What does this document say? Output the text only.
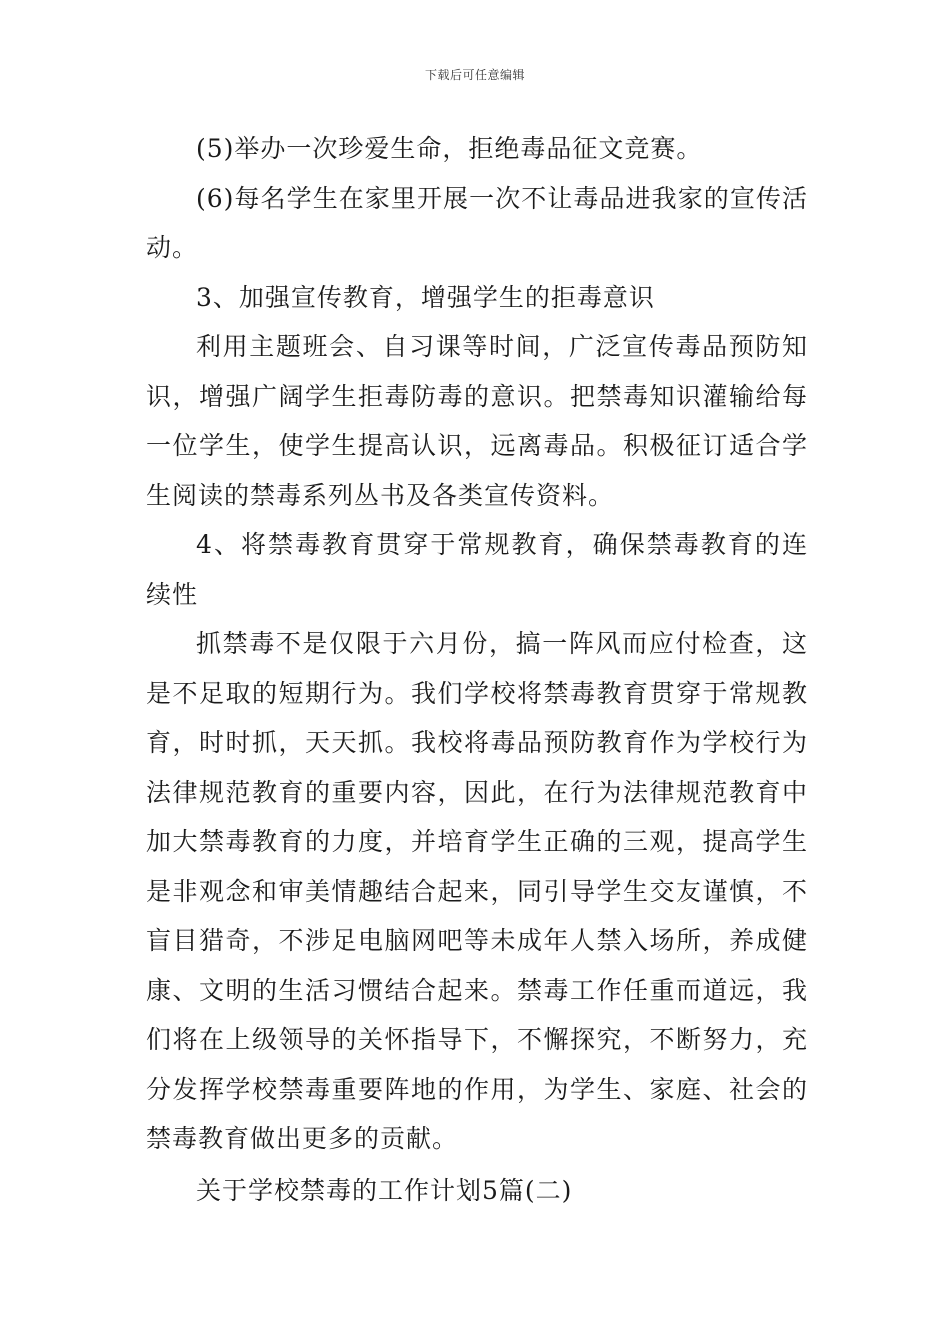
下载后可任意编辑

(5)举办一次珍爱生命，拒绝毒品征文竞赛。

(6)每名学生在家里开展一次不让毒品进我家的宣传活动。

3、加强宣传教育，增强学生的拒毒意识

利用主题班会、自习课等时间，广泛宣传毒品预防知识，增强广阔学生拒毒防毒的意识。把禁毒知识灌输给每一位学生，使学生提高认识，远离毒品。积极征订适合学生阅读的禁毒系列丛书及各类宣传资料。

4、将禁毒教育贯穿于常规教育，确保禁毒教育的连续性

抓禁毒不是仅限于六月份，搞一阵风而应付检查，这是不足取的短期行为。我们学校将禁毒教育贯穿于常规教育，时时抓，天天抓。我校将毒品预防教育作为学校行为法律规范教育的重要内容，因此，在行为法律规范教育中加大禁毒教育的力度，并培育学生正确的三观，提高学生是非观念和审美情趣结合起来，同引导学生交友谨慎，不盲目猎奇，不涉足电脑网吧等未成年人禁入场所，养成健康、文明的生活习惯结合起来。禁毒工作任重而道远，我们将在上级领导的关怀指导下，不懈探究，不断努力，充分发挥学校禁毒重要阵地的作用，为学生、家庭、社会的禁毒教育做出更多的贡献。

关于学校禁毒的工作计划5篇(二)
